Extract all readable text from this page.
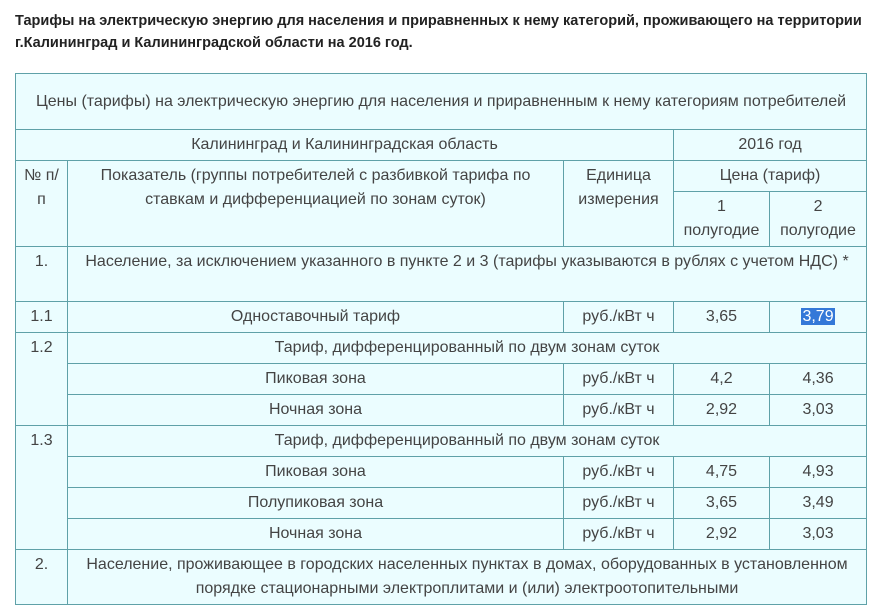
Тарифы на электрическую энергию для населения и приравненных к нему категорий, проживающего на территории г.Калининград и Калининградской области на 2016 год.
Цены (тарифы) на электрическую энергию для населения и приравненным к нему категориям потребителей				
Калининград и Калининградская область			2016 год	
№ п/п	Показатель (группы потребителей с разбивкой тарифа по ставкам и дифференциацией по зонам суток)	Единица измерения	Цена (тариф)	
			1 полугодие	2 полугодие
1.	Население, за исключением указанного в пункте 2 и 3 (тарифы указываются в рублях с учетом НДС) *			
1.1	Одноставочный тариф	руб./кВт ч	3,65	3,79
1.2	Тариф, дифференцированный по двум зонам суток			
	Пиковая зона	руб./кВт ч	4,2	4,36
	Ночная зона	руб./кВт ч	2,92	3,03
1.3	Тариф, дифференцированный по двум зонам суток			
	Пиковая зона	руб./кВт ч	4,75	4,93
	Полупиковая зона	руб./кВт ч	3,65	3,49
	Ночная зона	руб./кВт ч	2,92	3,03
2.	Население, проживающее в городских населенных пунктах в домах, оборудованных в установленном порядке стационарными электроплитами и (или) электроотопительными			
